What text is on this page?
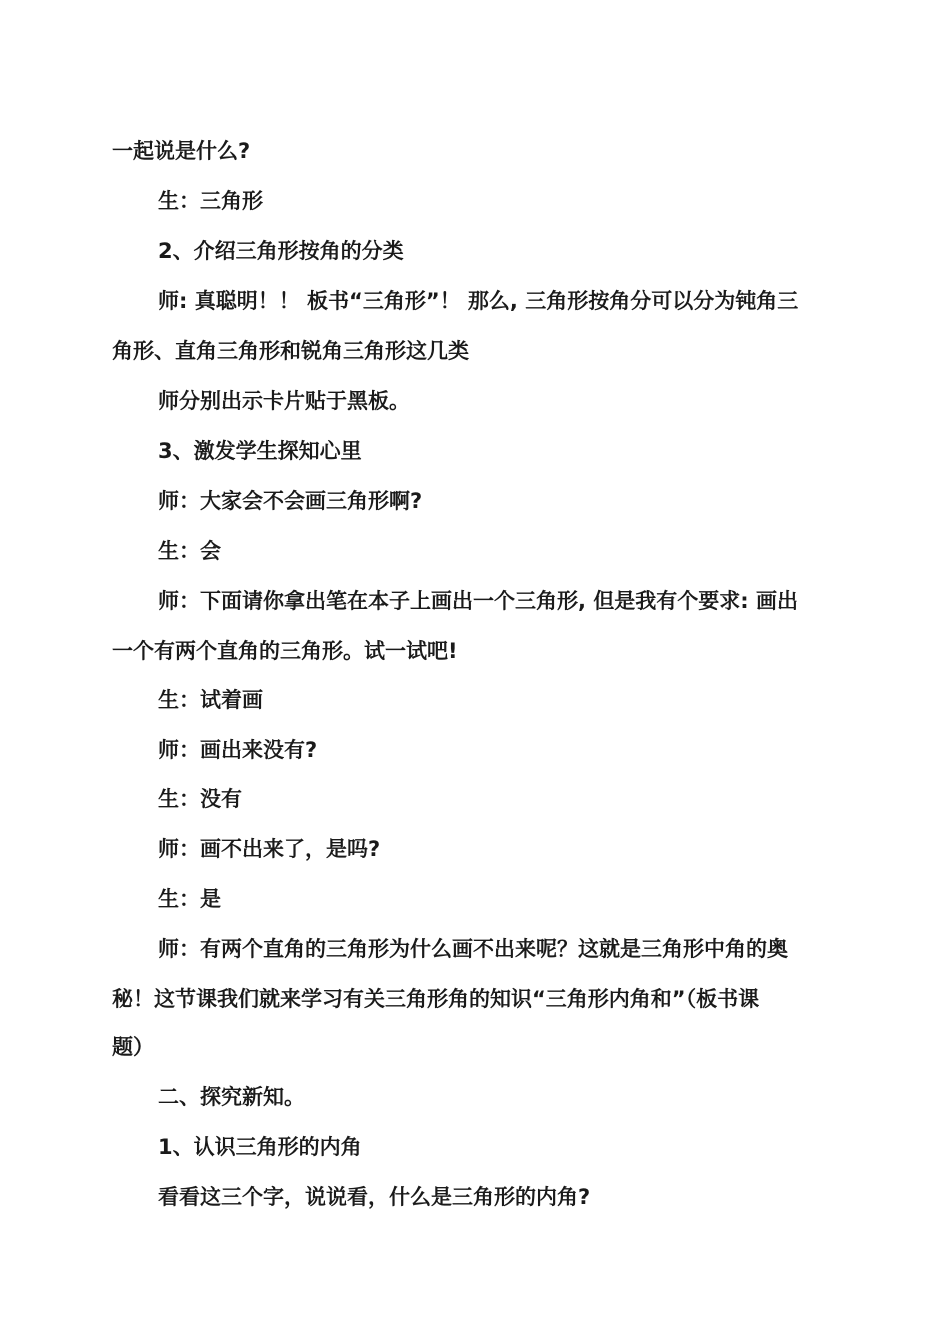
一起说是什么?
生：三角形
2、介绍三角形按角的分类
师: 真聪明！！ 板书“三角形”！ 那么, 三角形按角分可以分为钝角三
角形、直角三角形和锐角三角形这几类
师分别出示卡片贴于黑板。
3、激发学生探知心里
师：大家会不会画三角形啊?
生：会
师：下面请你拿出笔在本子上画出一个三角形, 但是我有个要求: 画出
一个有两个直角的三角形。试一试吧!
生：试着画
师：画出来没有?
生：没有
师：画不出来了，是吗?
生：是
师：有两个直角的三角形为什么画不出来呢？这就是三角形中角的奥
秘！这节课我们就来学习有关三角形角的知识“三角形内角和”（板书课
题）
二、探究新知。
1、认识三角形的内角
看看这三个字，说说看，什么是三角形的内角?
